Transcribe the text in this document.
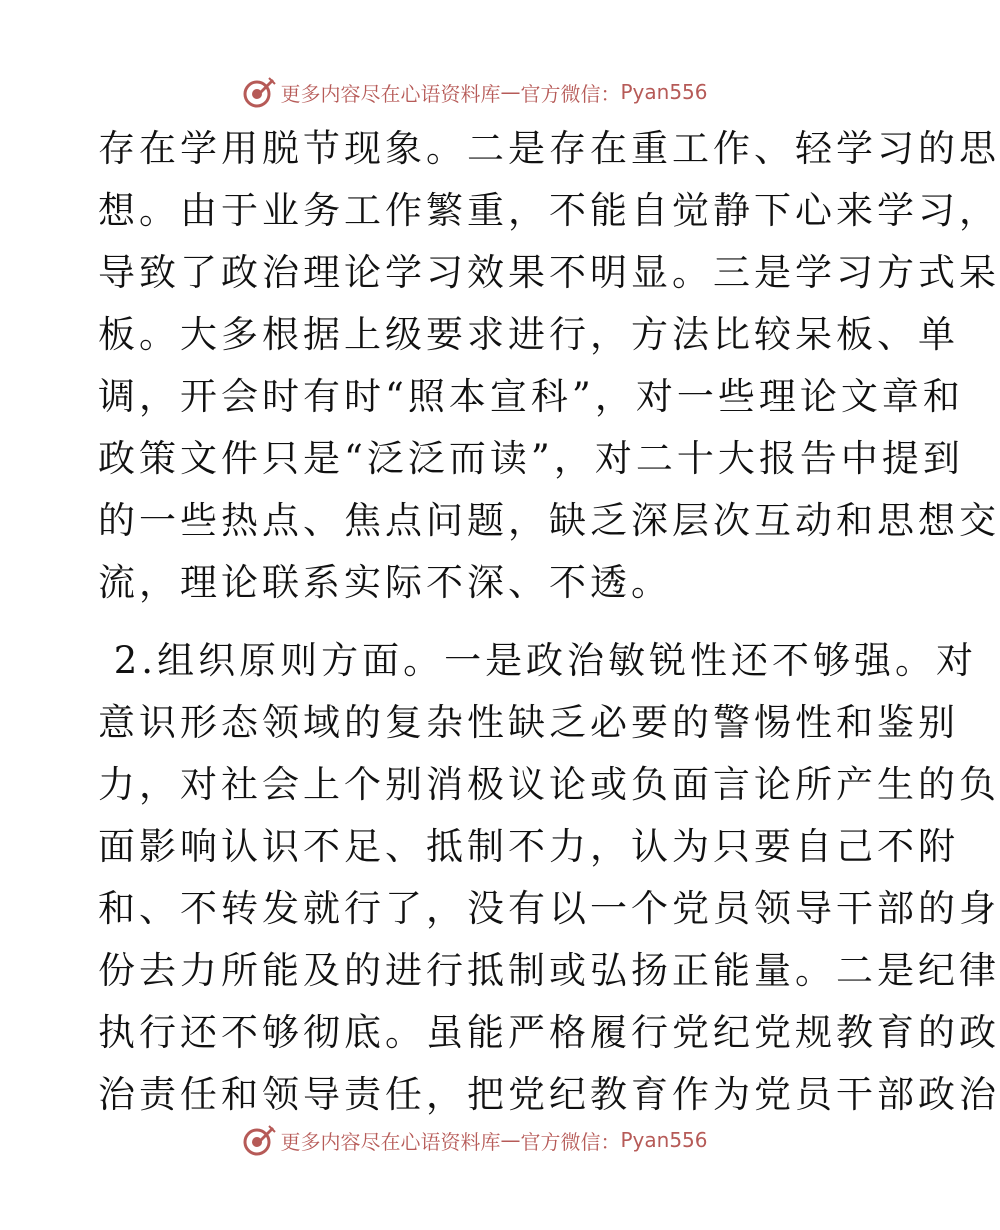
更多内容尽在心语资料库 — 官方微信： Pyan556
存在学用脱节现象。二是存在重工作、轻学习的思
想。由于业务工作繁重，不能自觉静下心来学习，
导致了政治理论学习效果不明显。三是学习方式呆
板。大多根据上级要求进行，方法比较呆板、单
调，开会时有时“照本宣科”，对一些理论文章和
政策文件只是“泛泛而读”，对二十大报告中提到
的一些热点、焦点问题，缺乏深层次互动和思想交
流，理论联系实际不深、不透。
2.组织原则方面。一是政治敏锐性还不够强。对
意识形态领域的复杂性缺乏必要的警惕性和鉴别
力，对社会上个别消极议论或负面言论所产生的负
面影响认识不足、抵制不力，认为只要自己不附
和、不转发就行了，没有以一个党员领导干部的身
份去力所能及的进行抵制或弘扬正能量。二是纪律
执行还不够彻底。虽能严格履行党纪党规教育的政
治责任和领导责任，把党纪教育作为党员干部政治
更多内容尽在心语资料库 — 官方微信： Pyan556
